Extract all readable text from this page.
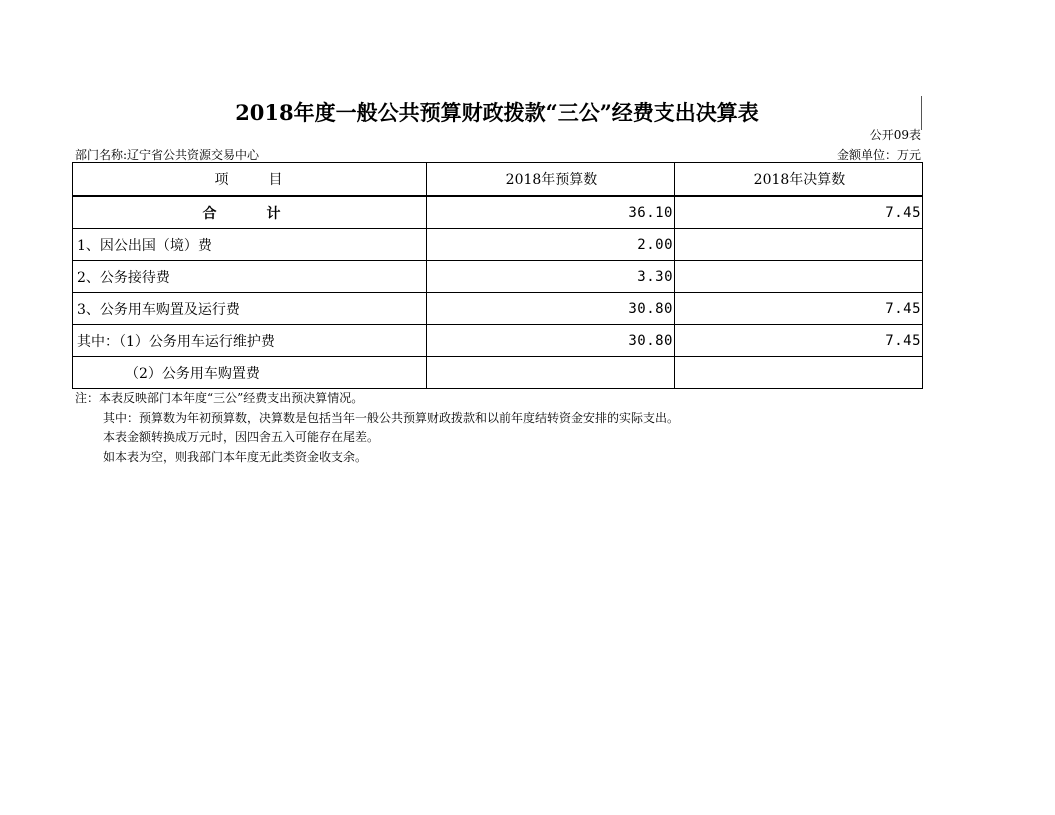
2018年度一般公共预算财政拨款“三公”经费支出决算表
公开09表
部门名称:辽宁省公共资源交易中心	金额单位：万元
项　　目	2018年预算数	2018年决算数
合　计	36.10	7.45
1、因公出国（境）费	2.00	
2、公务接待费	3.30	
3、公务用车购置及运行费	30.80	7.45
其中：（1）公务用车运行维护费	30.80	7.45
（2）公务用车购置费		
注：本表反映部门本年度“三公”经费支出预决算情况。
其中：预算数为年初预算数，决算数是包括当年一般公共预算财政拨款和以前年度结转资金安排的实际支出。
本表金额转换成万元时，因四舍五入可能存在尾差。
如本表为空，则我部门本年度无此类资金收支余。
